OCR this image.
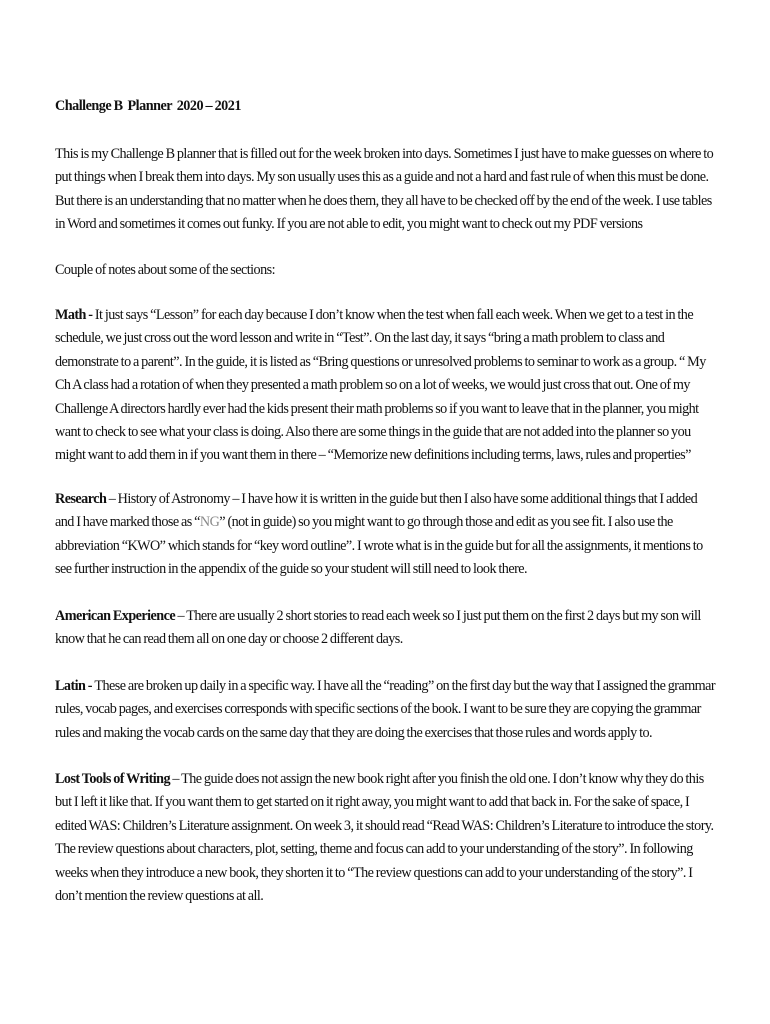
Challenge B  Planner  2020 – 2021

This is my Challenge B planner that is filled out for the week broken into days. Sometimes I just have to make guesses on where to put things when I break them into days. My son usually uses this as a guide and not a hard and fast rule of when this must be done. But there is an understanding that no matter when he does them, they all have to be checked off by the end of the week. I use tables in Word and sometimes it comes out funky. If you are not able to edit, you might want to check out my PDF versions

Couple of notes about some of the sections:

Math - It just says “Lesson” for each day because I don’t know when the test when fall each week. When we get to a test in the schedule, we just cross out the word lesson and write in “Test”. On the last day, it says “bring a math problem to class and demonstrate to a parent”. In the guide, it is listed as “Bring questions or unresolved problems to seminar to work as a group. “ My Ch A class had a rotation of when they presented a math problem so on a lot of weeks, we would just cross that out. One of my Challenge A directors hardly ever had the kids present their math problems so if you want to leave that in the planner, you might want to check to see what your class is doing. Also there are some things in the guide that are not added into the planner so you might want to add them in if you want them in there – “Memorize new definitions including terms, laws, rules and properties”

Research – History of Astronomy – I have how it is written in the guide but then I also have some additional things that I added and I have marked those as “NG” (not in guide) so you might want to go through those and edit as you see fit. I also use the abbreviation “KWO” which stands for “key word outline”. I wrote what is in the guide but for all the assignments, it mentions to see further instruction in the appendix of the guide so your student will still need to look there.

American Experience – There are usually 2 short stories to read each week so I just put them on the first 2 days but my son will know that he can read them all on one day or choose 2 different days.

Latin - These are broken up daily in a specific way. I have all the “reading” on the first day but the way that I assigned the grammar rules, vocab pages, and exercises corresponds with specific sections of the book. I want to be sure they are copying the grammar rules and making the vocab cards on the same day that they are doing the exercises that those rules and words apply to.

Lost Tools of Writing – The guide does not assign the new book right after you finish the old one. I don’t know why they do this but I left it like that. If you want them to get started on it right away, you might want to add that back in. For the sake of space, I edited WAS: Children’s Literature assignment. On week 3, it should read “Read WAS: Children’s Literature to introduce the story. The review questions about characters, plot, setting, theme and focus can add to your understanding of the story”. In following weeks when they introduce a new book, they shorten it to “The review questions can add to your understanding of the story”. I don’t mention the review questions at all.
